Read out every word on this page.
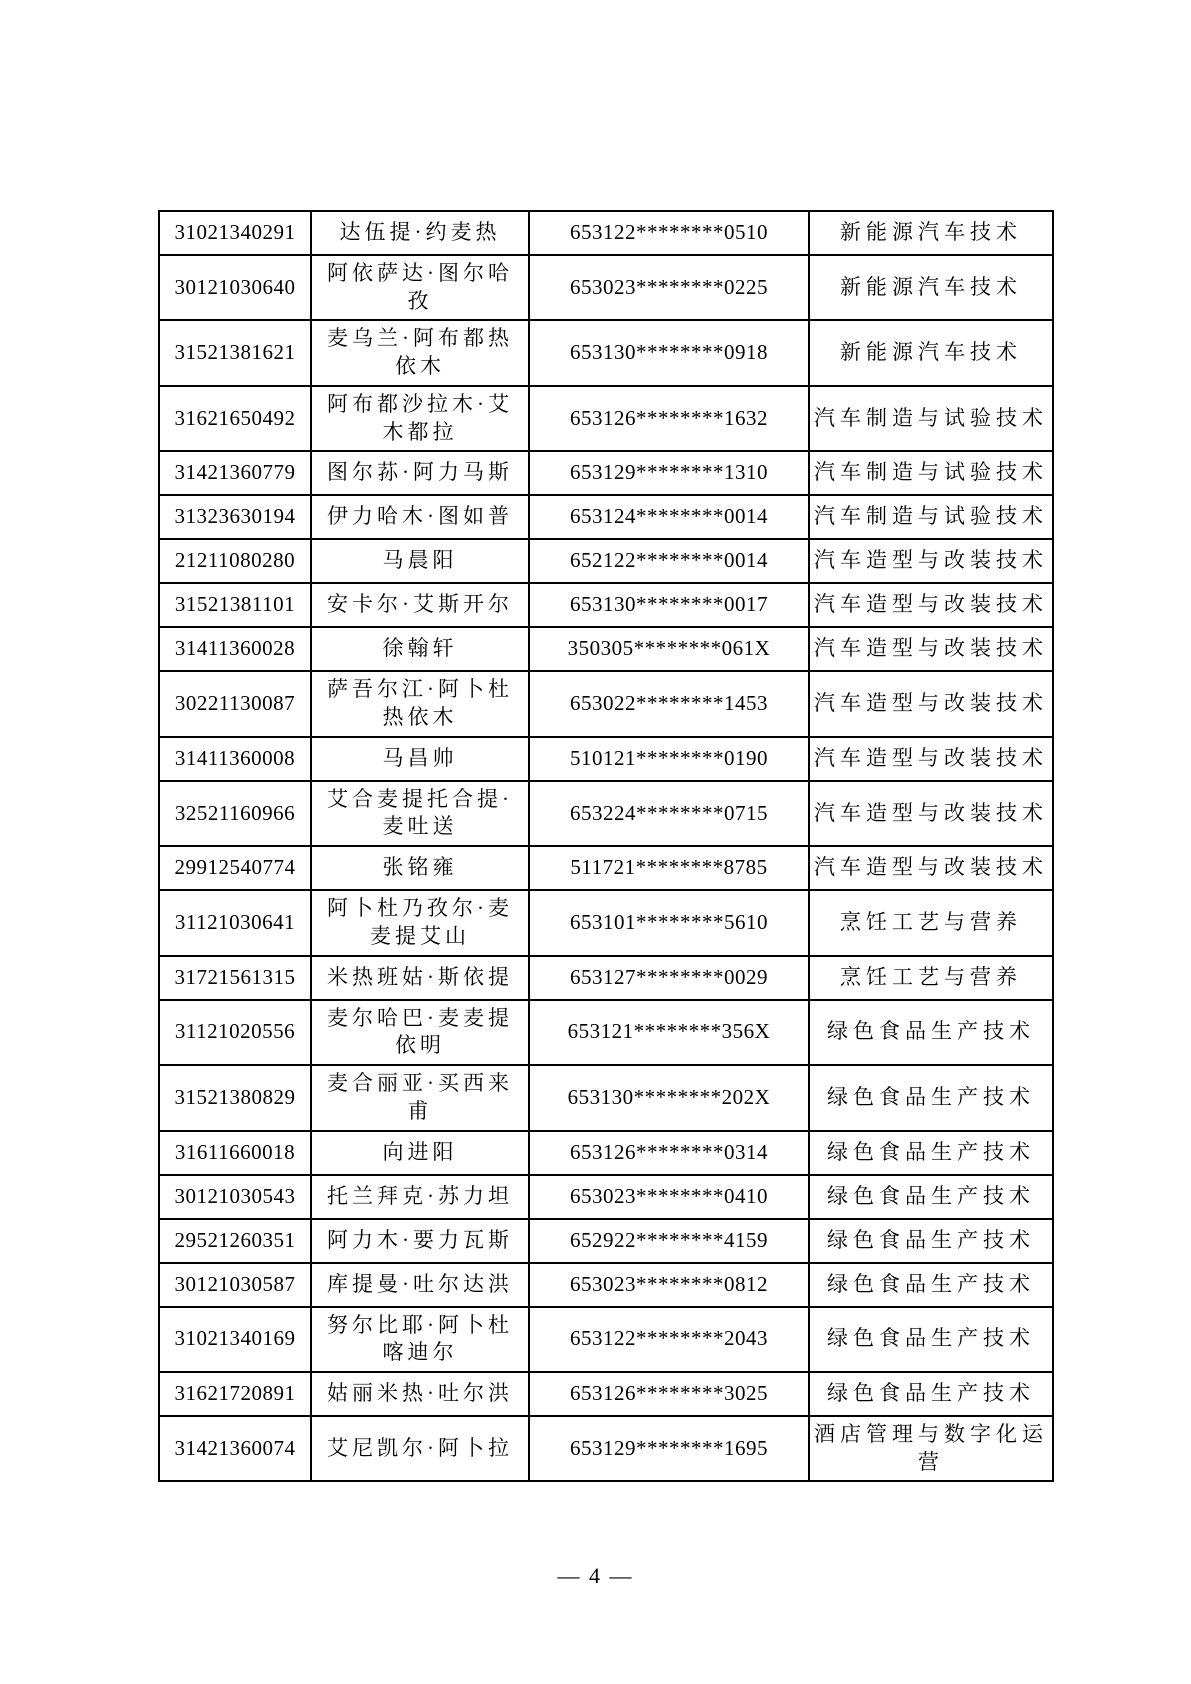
31021340291	达伍提·约麦热	653122********0510	新能源汽车技术
30121030640	阿依萨达·图尔哈孜	653023********0225	新能源汽车技术
31521381621	麦乌兰·阿布都热依木	653130********0918	新能源汽车技术
31621650492	阿布都沙拉木·艾木都拉	653126********1632	汽车制造与试验技术
31421360779	图尔荪·阿力马斯	653129********1310	汽车制造与试验技术
31323630194	伊力哈木·图如普	653124********0014	汽车制造与试验技术
21211080280	马晨阳	652122********0014	汽车造型与改装技术
31521381101	安卡尔·艾斯开尔	653130********0017	汽车造型与改装技术
31411360028	徐翰轩	350305********061X	汽车造型与改装技术
30221130087	萨吾尔江·阿卜杜热依木	653022********1453	汽车造型与改装技术
31411360008	马昌帅	510121********0190	汽车造型与改装技术
32521160966	艾合麦提托合提·麦吐送	653224********0715	汽车造型与改装技术
29912540774	张铭雍	511721********8785	汽车造型与改装技术
31121030641	阿卜杜乃孜尔·麦麦提艾山	653101********5610	烹饪工艺与营养
31721561315	米热班姑·斯依提	653127********0029	烹饪工艺与营养
31121020556	麦尔哈巴·麦麦提依明	653121********356X	绿色食品生产技术
31521380829	麦合丽亚·买西来甫	653130********202X	绿色食品生产技术
31611660018	向进阳	653126********0314	绿色食品生产技术
30121030543	托兰拜克·苏力坦	653023********0410	绿色食品生产技术
29521260351	阿力木·要力瓦斯	652922********4159	绿色食品生产技术
30121030587	库提曼·吐尔达洪	653023********0812	绿色食品生产技术
31021340169	努尔比耶·阿卜杜喀迪尔	653122********2043	绿色食品生产技术
31621720891	姑丽米热·吐尔洪	653126********3025	绿色食品生产技术
31421360074	艾尼凯尔·阿卜拉	653129********1695	酒店管理与数字化运营
— 4 —
